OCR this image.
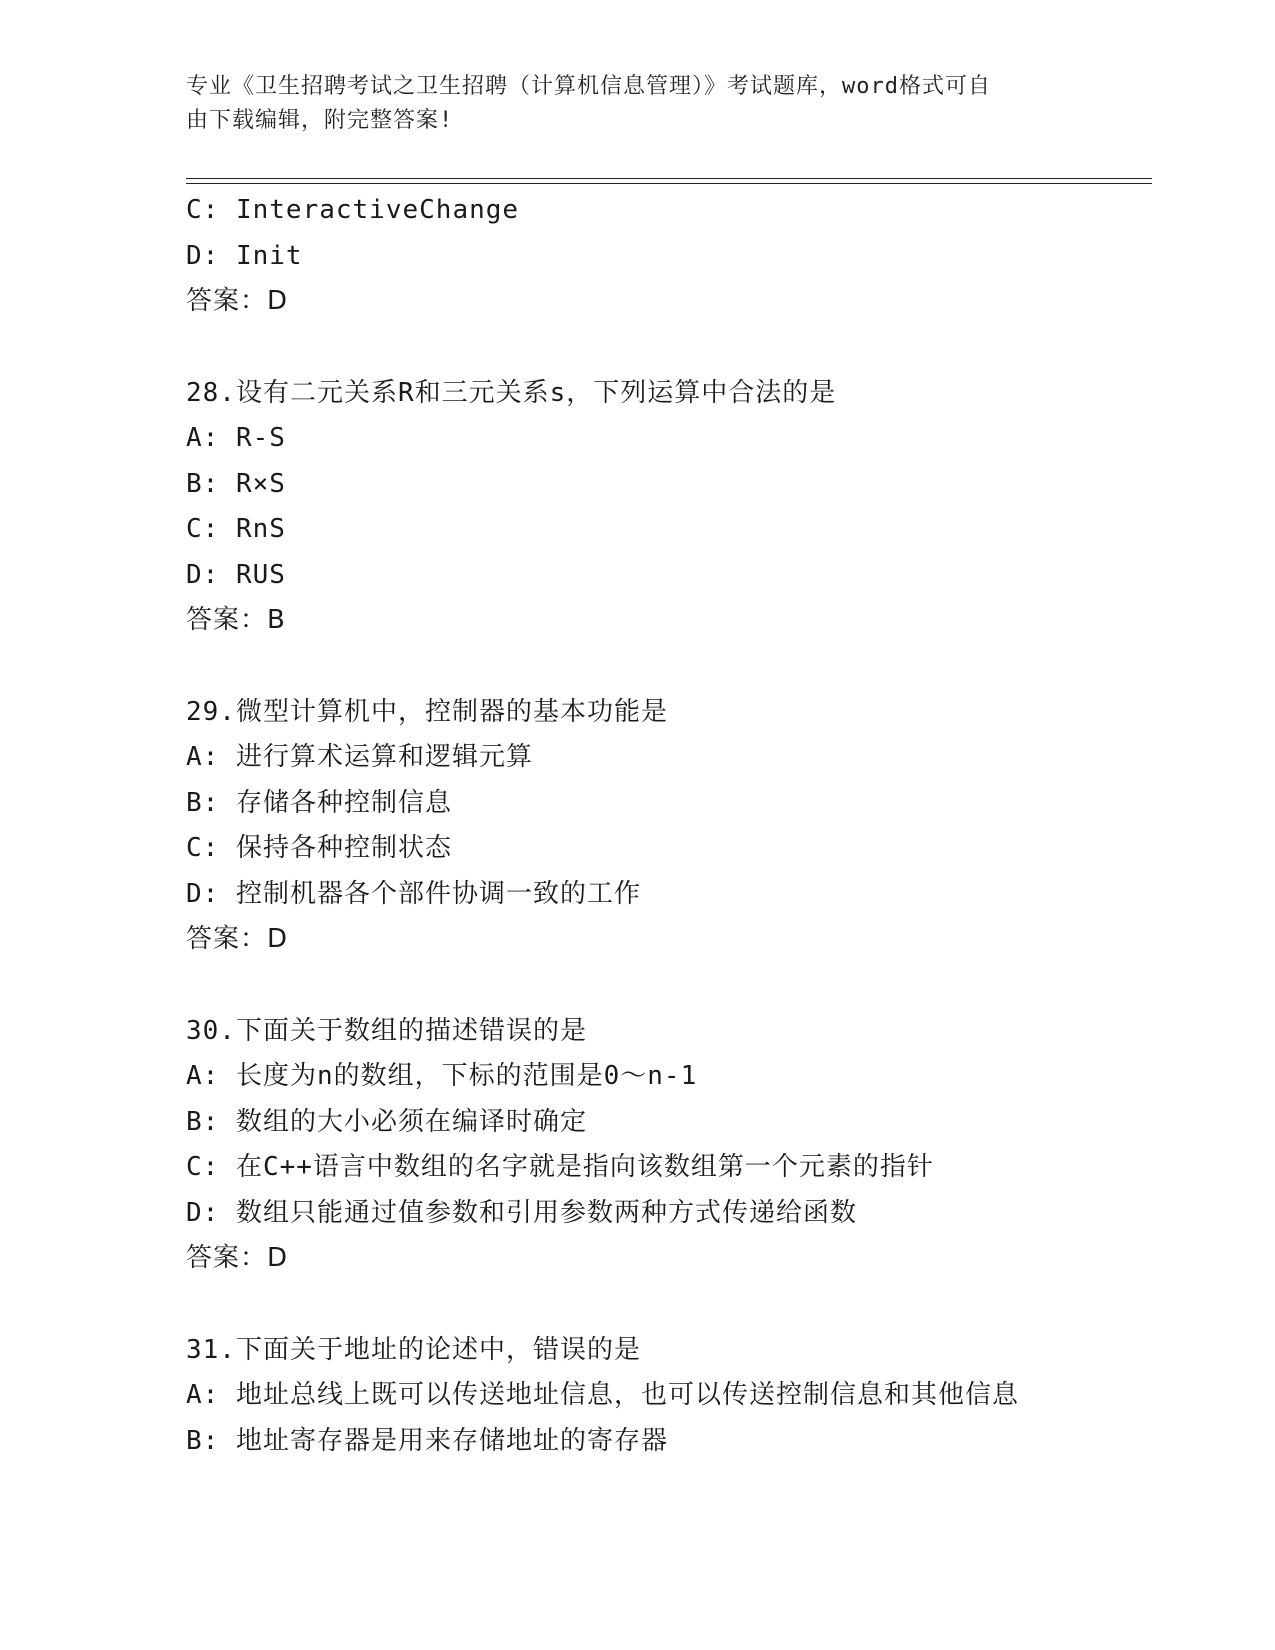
专业《卫生招聘考试之卫生招聘（计算机信息管理）》考试题库，word格式可自
由下载编辑，附完整答案!
C: InteractiveChange
D: Init
答案：D
28.设有二元关系R和三元关系s，下列运算中合法的是
A: R-S
B: R×S
C: RnS
D: RUS
答案：B
29.微型计算机中，控制器的基本功能是
A: 进行算术运算和逻辑元算
B: 存储各种控制信息
C: 保持各种控制状态
D: 控制机器各个部件协调一致的工作
答案：D
30.下面关于数组的描述错误的是
A: 长度为n的数组，下标的范围是0～n-1
B: 数组的大小必须在编译时确定
C: 在C++语言中数组的名字就是指向该数组第一个元素的指针
D: 数组只能通过值参数和引用参数两种方式传递给函数
答案：D
31.下面关于地址的论述中，错误的是
A: 地址总线上既可以传送地址信息，也可以传送控制信息和其他信息
B: 地址寄存器是用来存储地址的寄存器
